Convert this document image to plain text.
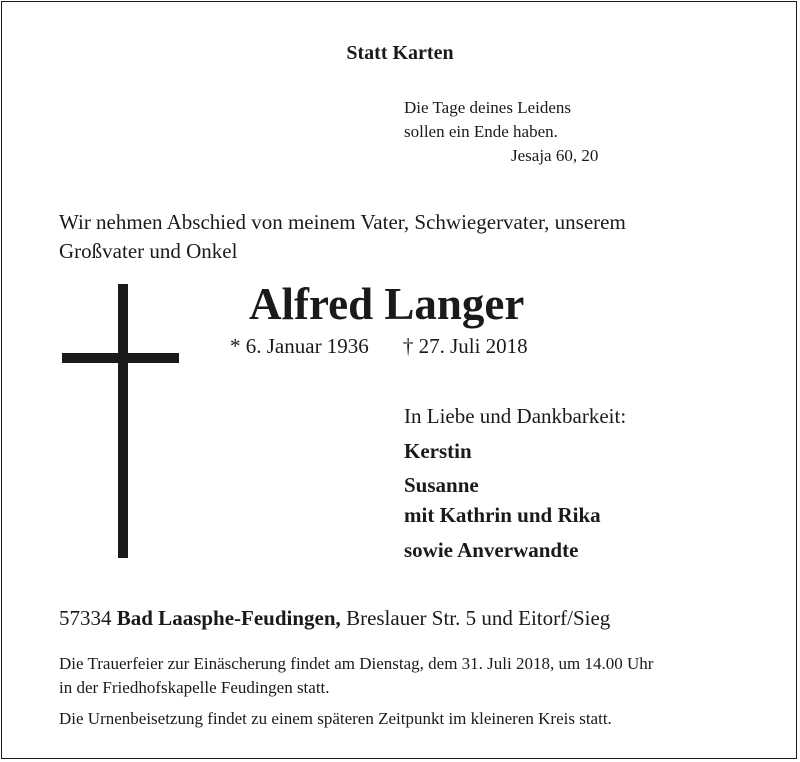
Statt Karten
Die Tage deines Leidens
sollen ein Ende haben.
Jesaja 60, 20
Wir nehmen Abschied von meinem Vater, Schwiegervater, unserem
Großvater und Onkel
Alfred Langer
* 6. Januar 1936 † 27. Juli 2018
In Liebe und Dankbarkeit:
Kerstin
Susanne
mit Kathrin und Rika
sowie Anverwandte
57334 Bad Laasphe-Feudingen, Breslauer Str. 5 und Eitorf/Sieg
Die Trauerfeier zur Einäscherung findet am Dienstag, dem 31. Juli 2018, um 14.00 Uhr
in der Friedhofskapelle Feudingen statt.
Die Urnenbeisetzung findet zu einem späteren Zeitpunkt im kleineren Kreis statt.
